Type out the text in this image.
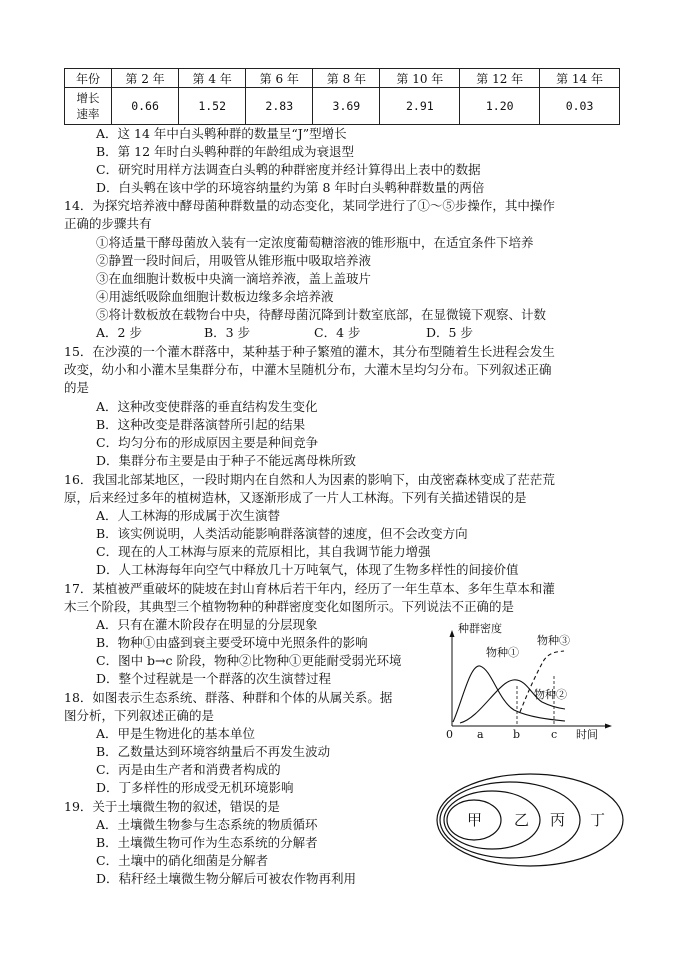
年份	第 2 年	第 4 年	第 6 年	第 8 年	第 10 年	第 12 年	第 14 年
增长
速率	0.66	1.52	2.83	3.69	2.91	1.20	0.03
A．这 14 年中白头鹎种群的数量呈“J”型增长
B．第 12 年时白头鹎种群的年龄组成为衰退型
C．研究时用样方法调查白头鹎的种群密度并经计算得出上表中的数据
D．白头鹎在该中学的环境容纳量约为第 8 年时白头鹎种群数量的两倍
14．为探究培养液中酵母菌种群数量的动态变化，某同学进行了①～⑤步操作，其中操作
正确的步骤共有
①将适量干酵母菌放入装有一定浓度葡萄糖溶液的锥形瓶中，在适宜条件下培养
②静置一段时间后，用吸管从锥形瓶中吸取培养液
③在血细胞计数板中央滴一滴培养液，盖上盖玻片
④用滤纸吸除血细胞计数板边缘多余培养液
⑤将计数板放在载物台中央，待酵母菌沉降到计数室底部，在显微镜下观察、计数
A．2 步	B．3 步	C．4 步	D．5 步
15．在沙漠的一个灌木群落中，某种基于种子繁殖的灌木，其分布型随着生长进程会发生
改变，幼小和小灌木呈集群分布，中灌木呈随机分布，大灌木呈均匀分布。下列叙述正确
的是
A．这种改变使群落的垂直结构发生变化
B．这种改变是群落演替所引起的结果
C．均匀分布的形成原因主要是种间竞争
D．集群分布主要是由于种子不能远离母株所致
16．我国北部某地区，一段时期内在自然和人为因素的影响下，由茂密森林变成了茫茫荒
原，后来经过多年的植树造林，又逐渐形成了一片人工林海。下列有关描述错误的是
A．人工林海的形成属于次生演替
B．该实例说明，人类活动能影响群落演替的速度，但不会改变方向
C．现在的人工林海与原来的荒原相比，其自我调节能力增强
D．人工林海每年向空气中释放几十万吨氧气，体现了生物多样性的间接价值
17．某植被严重破坏的陡坡在封山育林后若干年内，经历了一年生草本、多年生草本和灌
木三个阶段，其典型三个植物物种的种群密度变化如图所示。下列说法不正确的是
A．只有在灌木阶段存在明显的分层现象
B．物种①由盛到衰主要受环境中光照条件的影响
C．图中 b→c 阶段，物种②比物种①更能耐受弱光环境
D．整个过程就是一个群落的次生演替过程
18．如图表示生态系统、群落、种群和个体的从属关系。据
图分析，下列叙述正确的是
A．甲是生物进化的基本单位
B．乙数量达到环境容纳量后不再发生波动
C．丙是由生产者和消费者构成的
D．丁多样性的形成受无机环境影响
19．关于土壤微生物的叙述，错误的是
A．土壤微生物参与生态系统的物质循环
B．土壤微生物可作为生态系统的分解者
C．土壤中的硝化细菌是分解者
D．秸秆经土壤微生物分解后可被农作物再利用
种群密度
时间
0 a	b	c
物种①
物种③
物种②
甲 乙 丙 丁
